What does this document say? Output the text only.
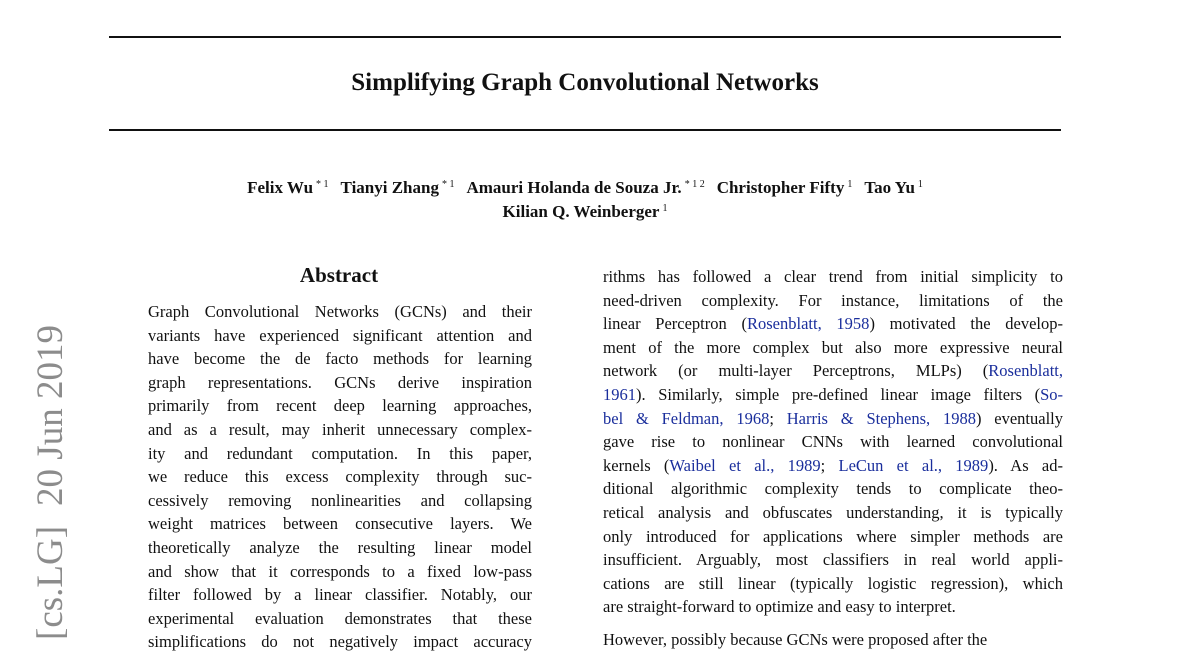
Simplifying Graph Convolutional Networks
Felix Wu $^{* 1}$ Tianyi Zhang $^{* 1}$ Amauri Holanda de Souza Jr. $^{* 1 2}$ Christopher Fifty $^1$ Tao Yu $^1$
Kilian Q. Weinberger $^1$
[cs.LG]20 Jun 2019
Abstract
Graph Convolutional Networks (GCNs) and their
variants have experienced significant attention and
have become the de facto methods for learning
graph representations. GCNs derive inspiration
primarily from recent deep learning approaches,
and as a result, may inherit unnecessary complex-
ity and redundant computation. In this paper,
we reduce this excess complexity through suc-
cessively removing nonlinearities and collapsing
weight matrices between consecutive layers. We
theoretically analyze the resulting linear model
and show that it corresponds to a fixed low-pass
filter followed by a linear classifier. Notably, our
experimental evaluation demonstrates that these
simplifications do not negatively impact accuracy
rithms has followed a clear trend from initial simplicity to
need-driven complexity. For instance, limitations of the
linear Perceptron (Rosenblatt, 1958) motivated the develop-
ment of the more complex but also more expressive neural
network (or multi-layer Perceptrons, MLPs) (Rosenblatt,
1961). Similarly, simple pre-defined linear image filters (So-
bel & Feldman, 1968; Harris & Stephens, 1988) eventually
gave rise to nonlinear CNNs with learned convolutional
kernels (Waibel et al., 1989; LeCun et al., 1989). As ad-
ditional algorithmic complexity tends to complicate theo-
retical analysis and obfuscates understanding, it is typically
only introduced for applications where simpler methods are
insufficient. Arguably, most classifiers in real world appli-
cations are still linear (typically logistic regression), which
are straight-forward to optimize and easy to interpret.
However, possibly because GCNs were proposed after the
